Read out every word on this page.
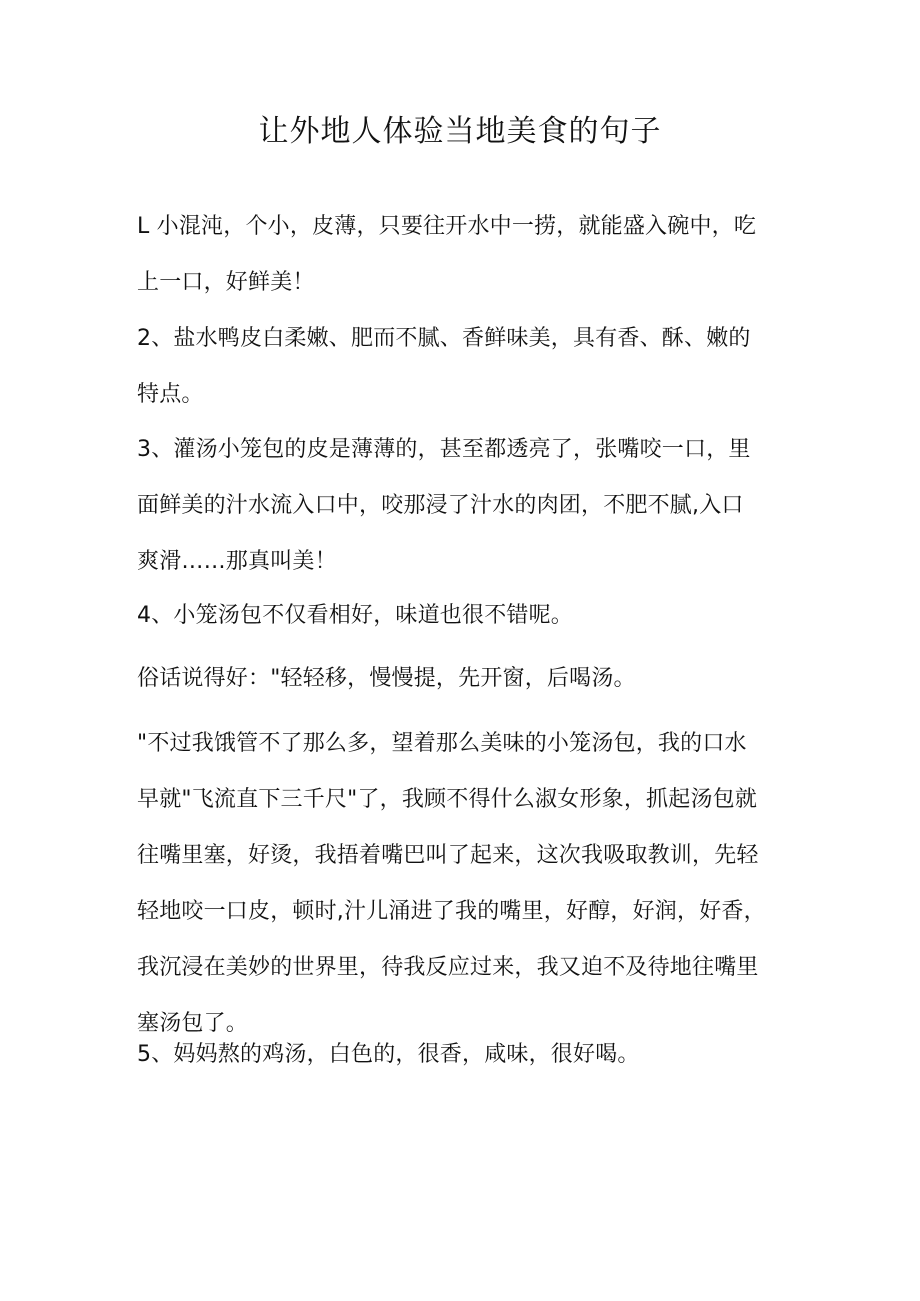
让外地人体验当地美食的句子
L 小混沌，个小，皮薄，只要往开水中一捞，就能盛入碗中，吃
上一口，好鲜美！
2、盐水鸭皮白柔嫩、肥而不腻、香鲜味美，具有香、酥、嫩的
特点。
3、灌汤小笼包的皮是薄薄的，甚至都透亮了，张嘴咬一口，里
面鲜美的汁水流入口中，咬那浸了汁水的肉团，不肥不腻,入口
爽滑……那真叫美！
4、小笼汤包不仅看相好，味道也很不错呢。
俗话说得好："轻轻移，慢慢提，先开窗，后喝汤。
"不过我饿管不了那么多，望着那么美味的小笼汤包，我的口水
早就"飞流直下三千尺"了，我顾不得什么淑女形象，抓起汤包就
往嘴里塞，好烫，我捂着嘴巴叫了起来，这次我吸取教训，先轻
轻地咬一口皮，顿时,汁儿涌进了我的嘴里，好醇，好润，好香，
我沉浸在美妙的世界里，待我反应过来，我又迫不及待地往嘴里
塞汤包了。
5、妈妈熬的鸡汤，白色的，很香，咸味，很好喝。
